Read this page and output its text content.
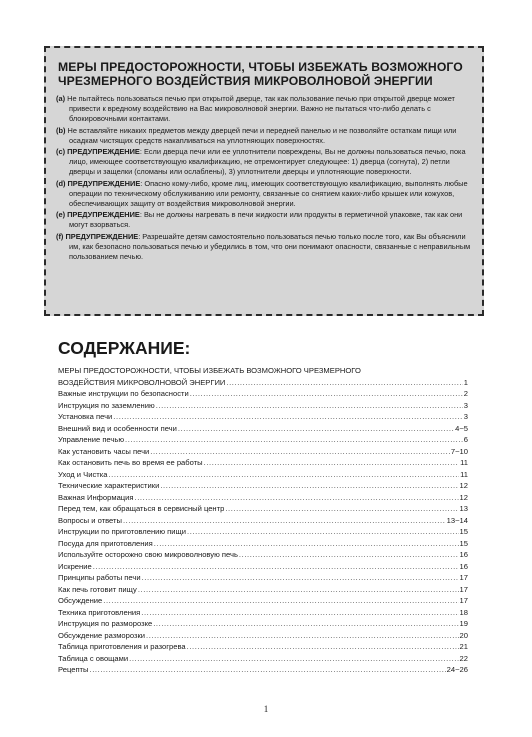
МЕРЫ ПРЕДОСТОРОЖНОСТИ, ЧТОБЫ ИЗБЕЖАТЬ ВОЗМОЖНОГО ЧРЕЗМЕРНОГО ВОЗДЕЙСТВИЯ МИКРОВОЛНОВОЙ ЭНЕРГИИ
(a) Не пытайтесь пользоваться печью при открытой дверце, так как пользование печью при открытой дверце может привести к вредному воздействию на Вас микроволновой энергии. Важно не пытаться что-либо делать с блокировочными контактами.
(b) Не вставляйте никаких предметов между дверцей печи и передней панелью и не позволяйте остаткам пищи или осадкам чистящих средств накапливаться на уплотняющих поверхностях.
(c) ПРЕДУПРЕЖДЕНИЕ: Если дверца печи или ее уплотнители повреждены, Вы не должны пользоваться печью, пока лицо, имеющее соответствующую квалификацию, не отремонтирует следующее: 1) дверца (согнута), 2) петли дверцы и защелки (сломаны или ослаблены), 3) уплотнители дверцы и уплотняющие поверхности.
(d) ПРЕДУПРЕЖДЕНИЕ: Опасно кому-либо, кроме лиц, имеющих соответствующую квалификацию, выполнять любые операции по техническому обслуживанию или ремонту, связанные со снятием каких-либо крышек или кожухов, обеспечивающих защиту от воздействия микроволновой энергии.
(e) ПРЕДУПРЕЖДЕНИЕ: Вы не должны нагревать в печи жидкости или продукты в герметичной упаковке, так как они могут взорваться.
(f) ПРЕДУПРЕЖДЕНИЕ: Разрешайте детям самостоятельно пользоваться печью только после того, как Вы объяснили им, как безопасно пользоваться печью и убедились в том, что они понимают опасности, связанные с неправильным пользованием печью.
СОДЕРЖАНИЕ:
МЕРЫ ПРЕДОСТОРОЖНОСТИ, ЧТОБЫ ИЗБЕЖАТЬ ВОЗМОЖНОГО ЧРЕЗМЕРНОГО
ВОЗДЕЙСТВИЯ МИКРОВОЛНОВОЙ ЭНЕРГИИ .....	1
Важные инструкции по безопасности .....	2
Инструкция по заземлению .....	3
Установка печи .....	3
Внешний вид и особенности печи .....	4~5
Управление печью .....	6
Как установить часы печи .....	7~10
Как остановить печь во время ее работы .....	11
Уход и Чистка .....	11
Технические характеристики .....	12
Важная Информация .....	12
Перед тем, как обращаться в сервисный центр .....	13
Вопросы и ответы .....	13~14
Инструкции по приготовлению пищи .....	15
Посуда для приготовления .....	15
Используйте осторожно свою микроволновую печь .....	16
Искрение .....	16
Принципы работы печи .....	17
Как печь готовит пищу .....	17
Обсуждение .....	17
Техника приготовления .....	18
Инструкция по разморозке .....	19
Обсуждение разморозки .....	20
Таблица приготовления и разогрева .....	21
Таблица с овощами .....	22
Рецепты .....	24~26
1
